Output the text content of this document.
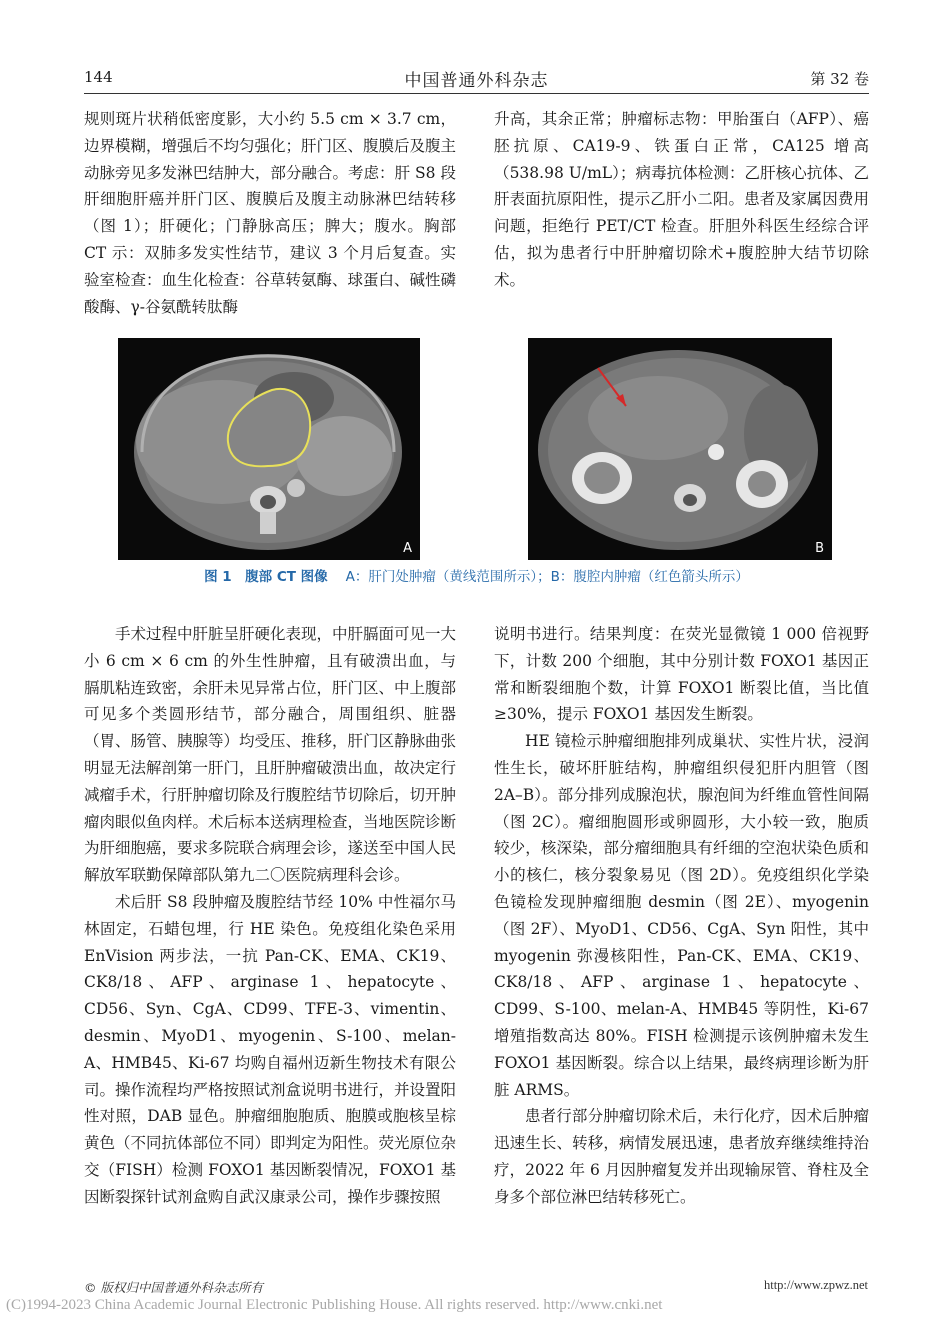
144	中国普通外科杂志	第 32 卷

规则斑片状稍低密度影，大小约 5.5 cm × 3.7 cm，边界模糊，增强后不均匀强化；肝门区、腹膜后及腹主动脉旁见多发淋巴结肿大，部分融合。考虑：肝 S8 段肝细胞肝癌并肝门区、腹膜后及腹主动脉淋巴结转移（图 1）；肝硬化；门静脉高压；脾大；腹水。胸部 CT 示：双肺多发实性结节，建议 3 个月后复查。实验室检查：血生化检查：谷草转氨酶、球蛋白、碱性磷酸酶、γ-谷氨酰转肽酶

升高，其余正常；肿瘤标志物：甲胎蛋白（AFP）、癌胚抗原、CA19-9、铁蛋白正常，CA125 增高（538.98 U/mL）；病毒抗体检测：乙肝核心抗体、乙肝表面抗原阳性，提示乙肝小二阳。患者及家属因费用问题，拒绝行 PET/CT 检查。肝胆外科医生经综合评估，拟为患者行中肝肿瘤切除术+腹腔肿大结节切除术。

A	B
图 1　腹部 CT 图像 A：肝门处肿瘤（黄线范围所示）；B：腹腔内肿瘤（红色箭头所示）

手术过程中肝脏呈肝硬化表现，中肝膈面可见一大小 6 cm × 6 cm 的外生性肿瘤，且有破溃出血，与膈肌粘连致密，余肝未见异常占位，肝门区、中上腹部可见多个类圆形结节，部分融合，周围组织、脏器（胃、肠管、胰腺等）均受压、推移，肝门区静脉曲张明显无法解剖第一肝门，且肝肿瘤破溃出血，故决定行减瘤手术，行肝肿瘤切除及行腹腔结节切除后，切开肿瘤肉眼似鱼肉样。术后标本送病理检查，当地医院诊断为肝细胞癌，要求多院联合病理会诊，遂送至中国人民解放军联勤保障部队第九二〇医院病理科会诊。

术后肝 S8 段肿瘤及腹腔结节经 10% 中性福尔马林固定，石蜡包埋，行 HE 染色。免疫组化染色采用 EnVision 两步法，一抗 Pan-CK、EMA、CK19、CK8/18、AFP、arginase 1、hepatocyte、CD56、Syn、CgA、CD99、TFE-3、vimentin、desmin、MyoD1、myogenin、S-100、melan-A、HMB45、Ki-67 均购自福州迈新生物技术有限公司。操作流程均严格按照试剂盒说明书进行，并设置阳性对照，DAB 显色。肿瘤细胞胞质、胞膜或胞核呈棕黄色（不同抗体部位不同）即判定为阳性。荧光原位杂交（FISH）检测 FOXO1 基因断裂情况，FOXO1 基因断裂探针试剂盒购自武汉康录公司，操作步骤按照

说明书进行。结果判度：在荧光显微镜 1 000 倍视野下，计数 200 个细胞，其中分别计数 FOXO1 基因正常和断裂细胞个数，计算 FOXO1 断裂比值，当比值≥30%，提示 FOXO1 基因发生断裂。

HE 镜检示肿瘤细胞排列成巢状、实性片状，浸润性生长，破坏肝脏结构，肿瘤组织侵犯肝内胆管（图 2A–B）。部分排列成腺泡状，腺泡间为纤维血管性间隔（图 2C）。瘤细胞圆形或卵圆形，大小较一致，胞质较少，核深染，部分瘤细胞具有纤细的空泡状染色质和小的核仁，核分裂象易见（图 2D）。免疫组织化学染色镜检发现肿瘤细胞 desmin（图 2E）、myogenin（图 2F）、MyoD1、CD56、CgA、Syn 阳性，其中 myogenin 弥漫核阳性，Pan-CK、EMA、CK19、CK8/18、AFP、arginase 1、hepatocyte、CD99、S-100、melan-A、HMB45 等阴性，Ki-67 增殖指数高达 80%。FISH 检测提示该例肿瘤未发生 FOXO1 基因断裂。综合以上结果，最终病理诊断为肝脏 ARMS。

患者行部分肿瘤切除术后，未行化疗，因术后肿瘤迅速生长、转移，病情发展迅速，患者放弃继续维持治疗，2022 年 6 月因肿瘤复发并出现输尿管、脊柱及全身多个部位淋巴结转移死亡。

© 版权归中国普通外科杂志所有	http://www.zpwz.net
(C)1994-2023 China Academic Journal Electronic Publishing House. All rights reserved. http://www.cnki.net
